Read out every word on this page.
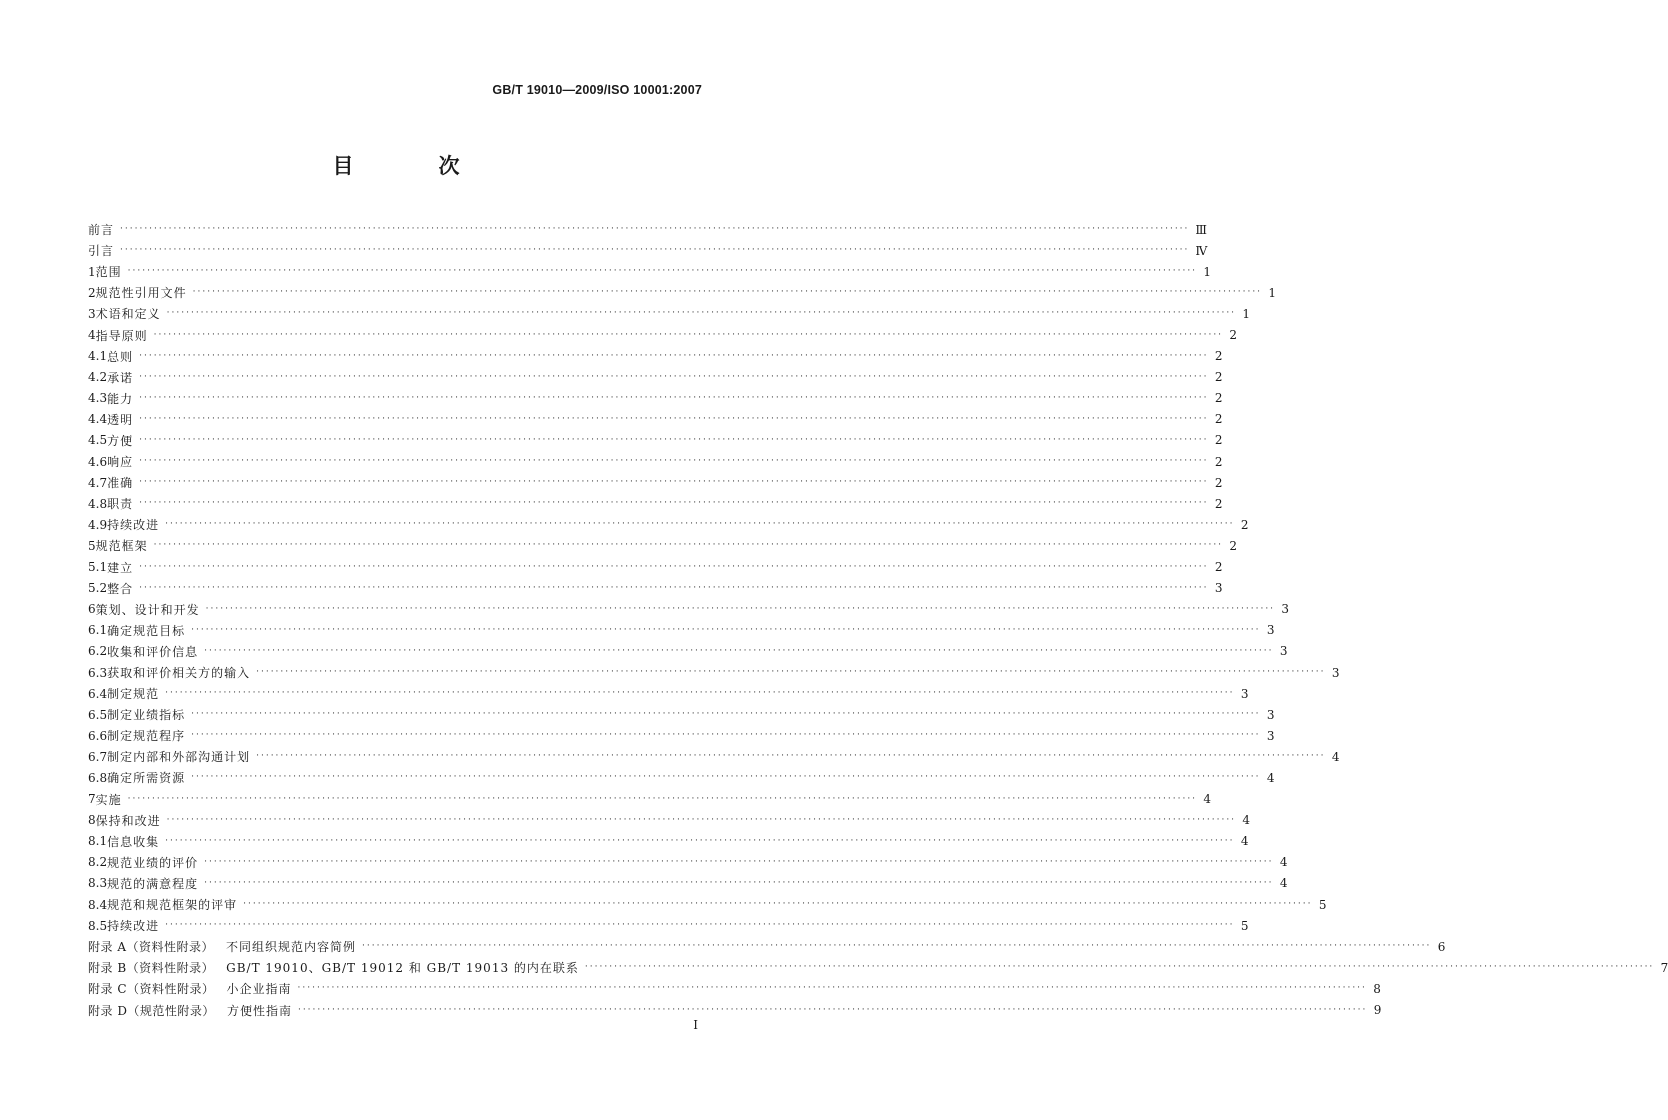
GB/T 19010—2009/ISO 10001:2007
目　次
前言 ···························································································································································································································· Ⅲ
引言 ···························································································································································································································· Ⅳ
1 范围 ···························································································································································································································· 1
2 规范性引用文件 ···························································································································································································································· 1
3 术语和定义 ···························································································································································································································· 1
4 指导原则 ···························································································································································································································· 2
4.1 总则 ···························································································································································································································· 2
4.2 承诺 ···························································································································································································································· 2
4.3 能力 ···························································································································································································································· 2
4.4 透明 ···························································································································································································································· 2
4.5 方便 ···························································································································································································································· 2
4.6 响应 ···························································································································································································································· 2
4.7 准确 ···························································································································································································································· 2
4.8 职责 ···························································································································································································································· 2
4.9 持续改进 ···························································································································································································································· 2
5 规范框架 ···························································································································································································································· 2
5.1 建立 ···························································································································································································································· 2
5.2 整合 ···························································································································································································································· 3
6 策划、设计和开发 ···························································································································································································································· 3
6.1 确定规范目标 ···························································································································································································································· 3
6.2 收集和评价信息 ···························································································································································································································· 3
6.3 获取和评价相关方的输入 ···························································································································································································································· 3
6.4 制定规范 ···························································································································································································································· 3
6.5 制定业绩指标 ···························································································································································································································· 3
6.6 制定规范程序 ···························································································································································································································· 3
6.7 制定内部和外部沟通计划 ···························································································································································································································· 4
6.8 确定所需资源 ···························································································································································································································· 4
7 实施 ···························································································································································································································· 4
8 保持和改进 ···························································································································································································································· 4
8.1 信息收集 ···························································································································································································································· 4
8.2 规范业绩的评价 ···························································································································································································································· 4
8.3 规范的满意程度 ···························································································································································································································· 4
8.4 规范和规范框架的评审 ···························································································································································································································· 5
8.5 持续改进 ···························································································································································································································· 5
附录 A（资料性附录） 不同组织规范内容简例 ···························································································································································································································· 6
附录 B（资料性附录） GB/T 19010、GB/T 19012 和 GB/T 19013 的内在联系 ···························································································································································································································· 7
附录 C（资料性附录） 小企业指南 ···························································································································································································································· 8
附录 D（规范性附录） 方便性指南 ···························································································································································································································· 9
I
